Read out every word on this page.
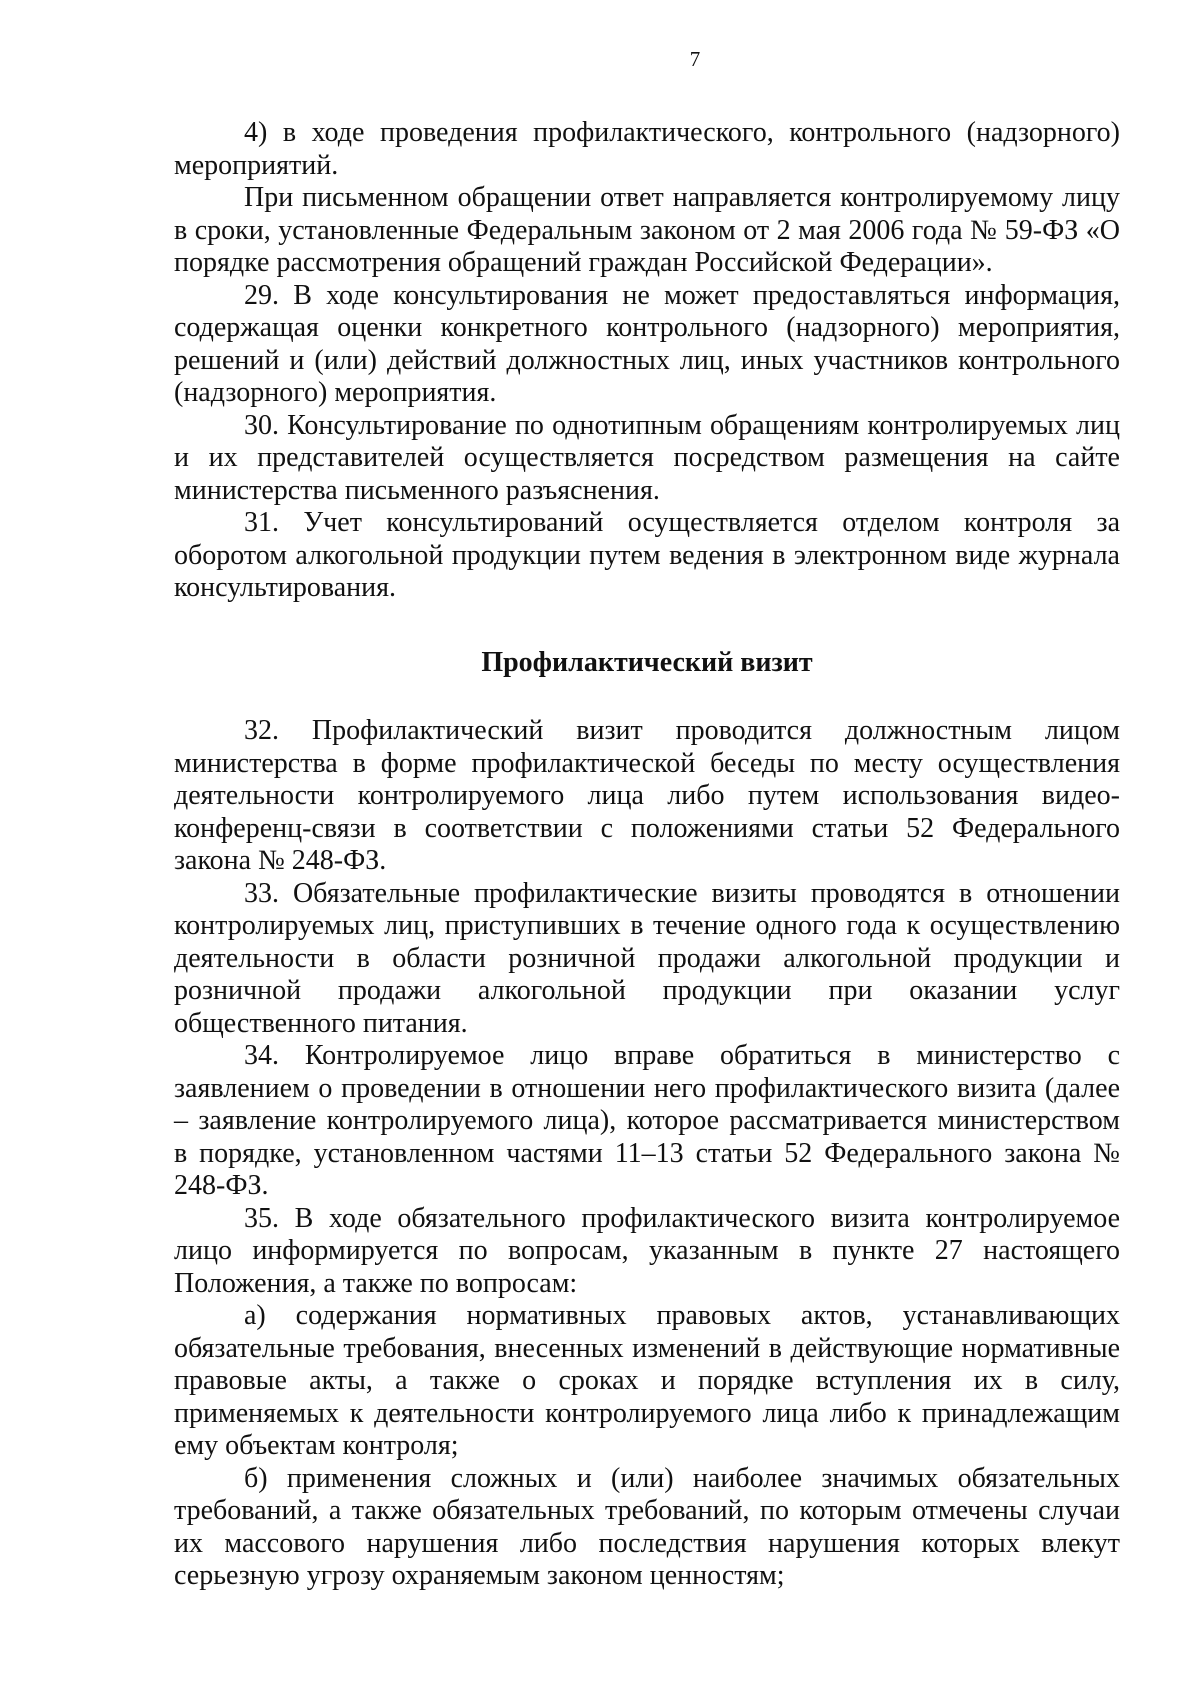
7

4) в ходе проведения профилактического, контрольного (надзорного) мероприятий.

При письменном обращении ответ направляется контролируемому лицу в сроки, установленные Федеральным законом от 2 мая 2006 года № 59-ФЗ «О порядке рассмотрения обращений граждан Российской Федерации».

29. В ходе консультирования не может предоставляться информация, содержащая оценки конкретного контрольного (надзорного) мероприятия, решений и (или) действий должностных лиц, иных участников контрольного (надзорного) мероприятия.

30. Консультирование по однотипным обращениям контролируемых лиц и их представителей осуществляется посредством размещения на сайте министерства письменного разъяснения.

31. Учет консультирований осуществляется отделом контроля за оборотом алкогольной продукции путем ведения в электронном виде журнала консультирования.

Профилактический визит

32. Профилактический визит проводится должностным лицом министерства в форме профилактической беседы по месту осуществления деятельности контролируемого лица либо путем использования видео-конференц-связи в соответствии с положениями статьи 52 Федерального закона № 248-ФЗ.

33. Обязательные профилактические визиты проводятся в отношении контролируемых лиц, приступивших в течение одного года к осуществлению деятельности в области розничной продажи алкогольной продукции и розничной продажи алкогольной продукции при оказании услуг общественного питания.

34. Контролируемое лицо вправе обратиться в министерство с заявлением о проведении в отношении него профилактического визита (далее – заявление контролируемого лица), которое рассматривается министерством в порядке, установленном частями 11–13 статьи 52 Федерального закона № 248-ФЗ.

35. В ходе обязательного профилактического визита контролируемое лицо информируется по вопросам, указанным в пункте 27 настоящего Положения, а также по вопросам:

а) содержания нормативных правовых актов, устанавливающих обязательные требования, внесенных изменений в действующие нормативные правовые акты, а также о сроках и порядке вступления их в силу, применяемых к деятельности контролируемого лица либо к принадлежащим ему объектам контроля;

б) применения сложных и (или) наиболее значимых обязательных требований, а также обязательных требований, по которым отмечены случаи их массового нарушения либо последствия нарушения которых влекут серьезную угрозу охраняемым законом ценностям;
